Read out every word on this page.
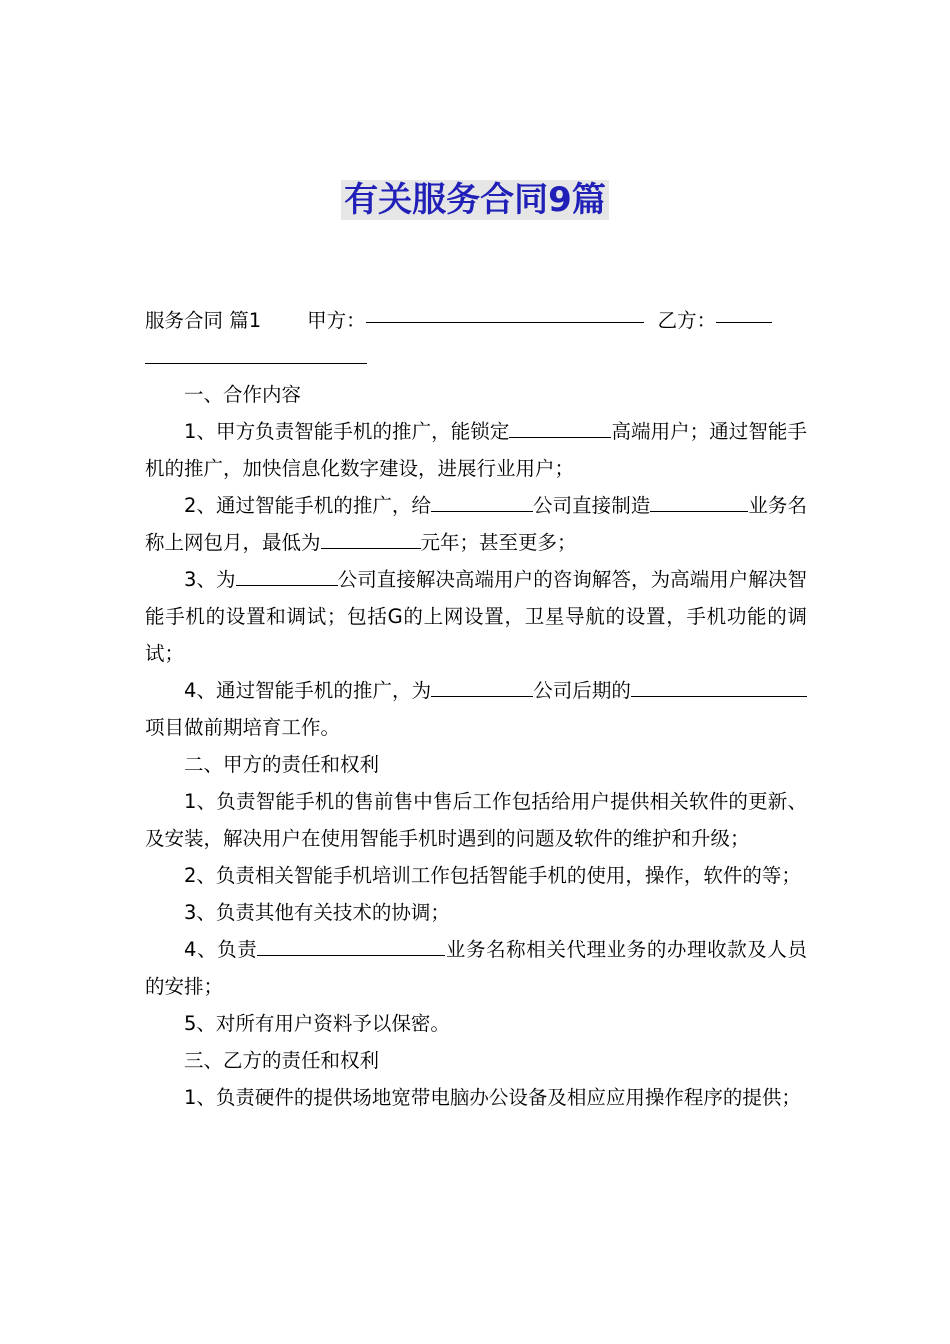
有关服务合同9篇

服务合同 篇1 甲方：	乙方：

一、合作内容

1、甲方负责智能手机的推广，能锁定	高端用户；通过智能手机的推广，加快信息化数字建设，进展行业用户；

2、通过智能手机的推广，给	公司直接制造	业务名称上网包月，最低为	元年；甚至更多；

3、为	公司直接解决高端用户的咨询解答，为高端用户解决智能手机的设置和调试；包括G的上网设置，卫星导航的设置，手机功能的调试；

4、通过智能手机的推广，为	公司后期的项目做前期培育工作。

二、甲方的责任和权利

1、负责智能手机的售前售中售后工作包括给用户提供相关软件的更新、及安装，解决用户在使用智能手机时遇到的问题及软件的维护和升级；

2、负责相关智能手机培训工作包括智能手机的使用，操作，软件的等；

3、负责其他有关技术的协调；

4、负责	业务名称相关代理业务的办理收款及人员的安排；

5、对所有用户资料予以保密。

三、乙方的责任和权利

1、负责硬件的提供场地宽带电脑办公设备及相应应用操作程序的提供；
